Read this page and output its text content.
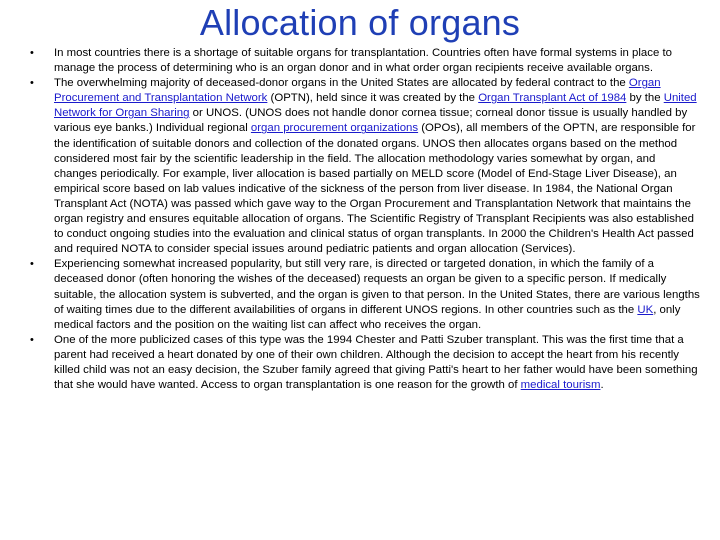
Allocation of organs
•	In most countries there is a shortage of suitable organs for transplantation. Countries often have formal systems in place to manage the process of determining who is an organ donor and in what order organ recipients receive available organs.
•	The overwhelming majority of deceased-donor organs in the United States are allocated by federal contract to the Organ Procurement and Transplantation Network (OPTN), held since it was created by the Organ Transplant Act of 1984 by the United Network for Organ Sharing or UNOS. (UNOS does not handle donor cornea tissue; corneal donor tissue is usually handled by various eye banks.) Individual regional organ procurement organizations (OPOs), all members of the OPTN, are responsible for the identification of suitable donors and collection of the donated organs. UNOS then allocates organs based on the method considered most fair by the scientific leadership in the field. The allocation methodology varies somewhat by organ, and changes periodically. For example, liver allocation is based partially on MELD score (Model of End-Stage Liver Disease), an empirical score based on lab values indicative of the sickness of the person from liver disease. In 1984, the National Organ Transplant Act (NOTA) was passed which gave way to the Organ Procurement and Transplantation Network that maintains the organ registry and ensures equitable allocation of organs. The Scientific Registry of Transplant Recipients was also established to conduct ongoing studies into the evaluation and clinical status of organ transplants. In 2000 the Children's Health Act passed and required NOTA to consider special issues around pediatric patients and organ allocation (Services).
•	Experiencing somewhat increased popularity, but still very rare, is directed or targeted donation, in which the family of a deceased donor (often honoring the wishes of the deceased) requests an organ be given to a specific person. If medically suitable, the allocation system is subverted, and the organ is given to that person. In the United States, there are various lengths of waiting times due to the different availabilities of organs in different UNOS regions. In other countries such as the UK, only medical factors and the position on the waiting list can affect who receives the organ.
•	One of the more publicized cases of this type was the 1994 Chester and Patti Szuber transplant. This was the first time that a parent had received a heart donated by one of their own children. Although the decision to accept the heart from his recently killed child was not an easy decision, the Szuber family agreed that giving Patti's heart to her father would have been something that she would have wanted. Access to organ transplantation is one reason for the growth of medical tourism.
